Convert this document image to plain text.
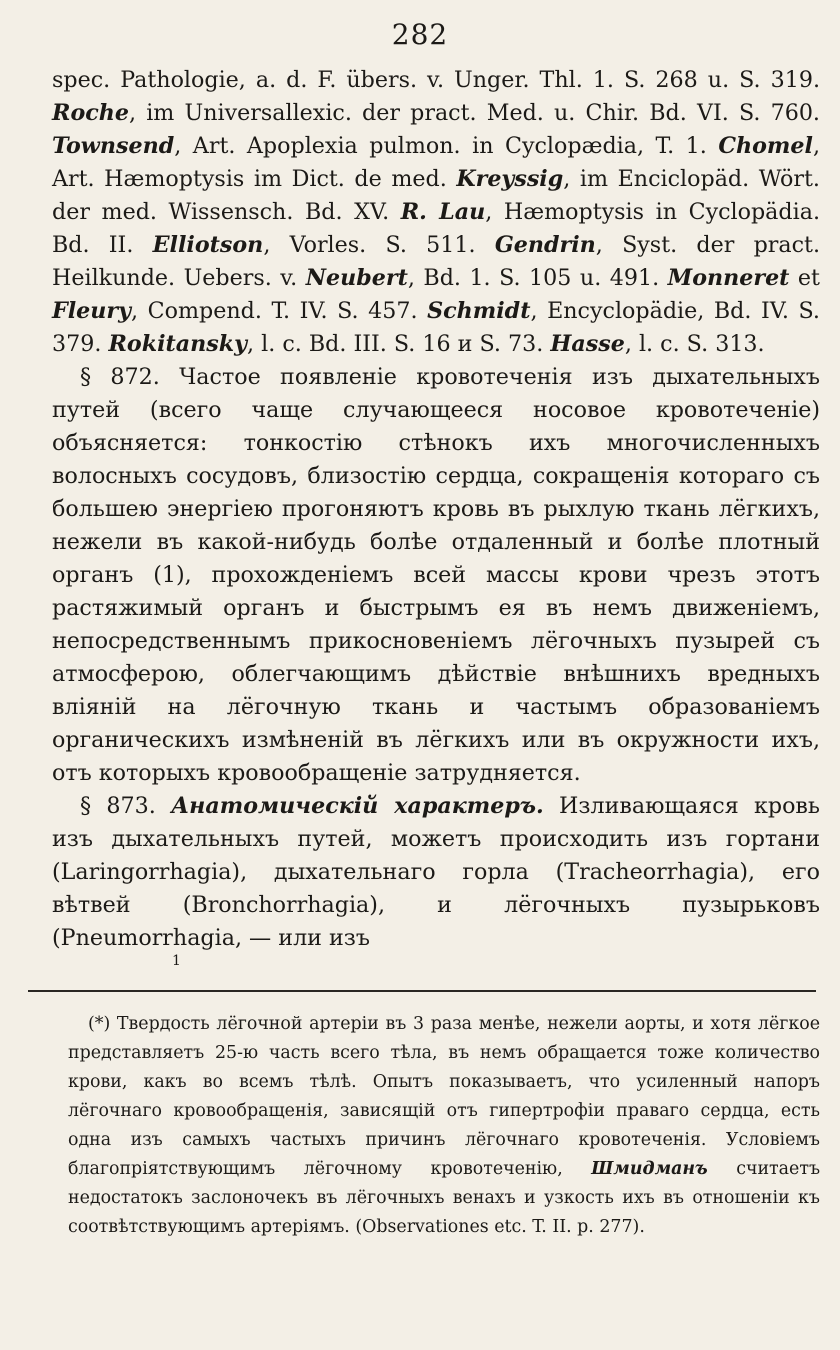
282

spec. Pathologie, a. d. F. übers. v. Unger. Thl. 1. S. 268 u. S. 319. Roche, im Universallexic. der pract. Med. u. Chir. Bd. VI. S. 760. Townsend, Art. Apoplexia pulmon. in Cyclopædia, T. 1. Chomel, Art. Hæmoptysis im Dict. de med. Kreyssig, im Enciclopäd. Wört. der med. Wissensch. Bd. XV. R. Lau, Hæmoptysis in Cyclopädia. Bd. II. Elliotson, Vorles. S. 511. Gendrin, Syst. der pract. Heilkunde. Uebers. v. Neubert, Bd. 1. S. 105 u. 491. Monneret et Fleury, Compend. T. IV. S. 457. Schmidt, Encyclopädie, Bd. IV. S. 379. Rokitansky, l. c. Bd. III. S. 16 и S. 73. Hasse, l. c. S. 313.

§ 872. Частое появленіе кровотеченія изъ дыхательныхъ путей (всего чаще случающееся носовое кровотеченіе) объясняется: тонкостію стѣнокъ ихъ многочисленныхъ волосныхъ сосудовъ, близостію сердца, сокращенія котораго съ большею энергіею прогоняютъ кровь въ рыхлую ткань лёгкихъ, нежели въ какой-нибудь болѣе отдаленный и болѣе плотный органъ (1), прохожденіемъ всей массы крови чрезъ этотъ растяжимый органъ и быстрымъ ея въ немъ движеніемъ, непосредственнымъ прикосновеніемъ лёгочныхъ пузырей съ атмосферою, облегчающимъ дѣйствіе внѣшнихъ вредныхъ вліяній на лёгочную ткань и частымъ образованіемъ органическихъ измѣненій въ лёгкихъ или въ окружности ихъ, отъ которыхъ кровообращеніе затрудняется.

§ 873. Анатомическій характеръ. Изливающаяся кровь изъ дыхательныхъ путей, можетъ происходить изъ гортани (Laringorrhagia), дыхательнаго горла (Tracheorrhagia), его вѣтвей (Bronchorrhagia), и лёгочныхъ пузырьковъ (Pneumorrhagia, — или изъ

1

(*) Твердость лёгочной артеріи въ 3 раза менѣе, нежели аорты, и хотя лёгкое представляетъ 25-ю часть всего тѣла, въ немъ обращается тоже количество крови, какъ во всемъ тѣлѣ. Опытъ показываетъ, что усиленный напоръ лёгочнаго кровообращенія, зависящій отъ гипертрофіи праваго сердца, есть одна изъ самыхъ частыхъ причинъ лёгочнаго кровотеченія. Условіемъ благопріятствующимъ лёгочному кровотеченію, Шмидманъ считаетъ недостатокъ заслоночекъ въ лёгочныхъ венахъ и узкость ихъ въ отношеніи къ соотвѣтствующимъ артеріямъ. (Observationes etc. T. II. p. 277).
